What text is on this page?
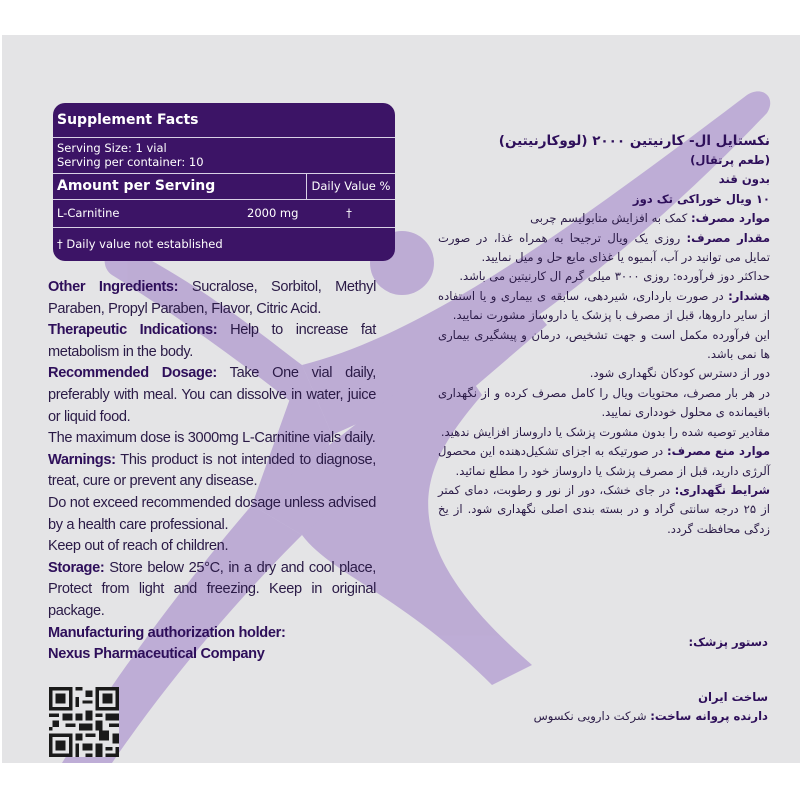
Supplement Facts
Serving Size: 1 vial
Serving per container: 10
Amount per Serving	Daily Value %
L-Carnitine	2000 mg	†
† Daily value not established

Other Ingredients: Sucralose, Sorbitol, Methyl Paraben, Propyl Paraben, Flavor, Citric Acid.

Therapeutic Indications: Help to increase fat metabolism in the body.

Recommended Dosage: Take One vial daily, preferably with meal. You can dissolve in water, juice or liquid food.

The maximum dose is 3000mg L-Carnitine vials daily.

Warnings: This product is not intended to diagnose, treat, cure or prevent any disease.

Do not exceed recommended dosage unless advised by a health care professional.

Keep out of reach of children.

Storage: Store below 25°C, in a dry and cool place, Protect from light and freezing. Keep in original package.

Manufacturing authorization holder:

Nexus Pharmaceutical Company

نکستایل ال- کارنیتین ۲۰۰۰ (لووکارنیتین)

(طعم پرتقال)

بدون قند

۱۰ ویال خوراکی تک دوز

موارد مصرف: کمک به افزایش متابولیسم چربی

مقدار مصرف: روزی یک ویال ترجیحا به همراه غذا، در صورت تمایل می توانید در آب، آبمیوه یا غذای مایع حل و میل نمایید.

حداکثر دوز فرآورده: روزی ۳۰۰۰ میلی گرم ال کارنیتین می باشد.

هشدار: در صورت بارداری، شیردهی، سابقه ی بیماری و یا استفاده از سایر داروها، قبل از مصرف با پزشک یا داروساز مشورت نمایید.

این فرآورده مکمل است و جهت تشخیص، درمان و پیشگیری بیماری ها نمی باشد.

دور از دسترس کودکان نگهداری شود.

در هر بار مصرف، محتویات ویال را کامل مصرف کرده و از نگهداری باقیمانده ی محلول خودداری نمایید.

مقادیر توصیه شده را بدون مشورت پزشک یا داروساز افزایش ندهید.

موارد منع مصرف: در صورتیکه به اجزای تشکیل‌دهنده این محصول آلرژی دارید، قبل از مصرف پزشک یا داروساز خود را مطلع نمائید.

شرایط نگهداری: در جای خشک، دور از نور و رطوبت، دمای کمتر از ۲۵ درجه سانتی گراد و در بسته بندی اصلی نگهداری شود. از یخ زدگی محافظت گردد.

دستور پزشک:
ساخت ایران
دارنده پروانه ساخت: شرکت دارویی نکسوس
